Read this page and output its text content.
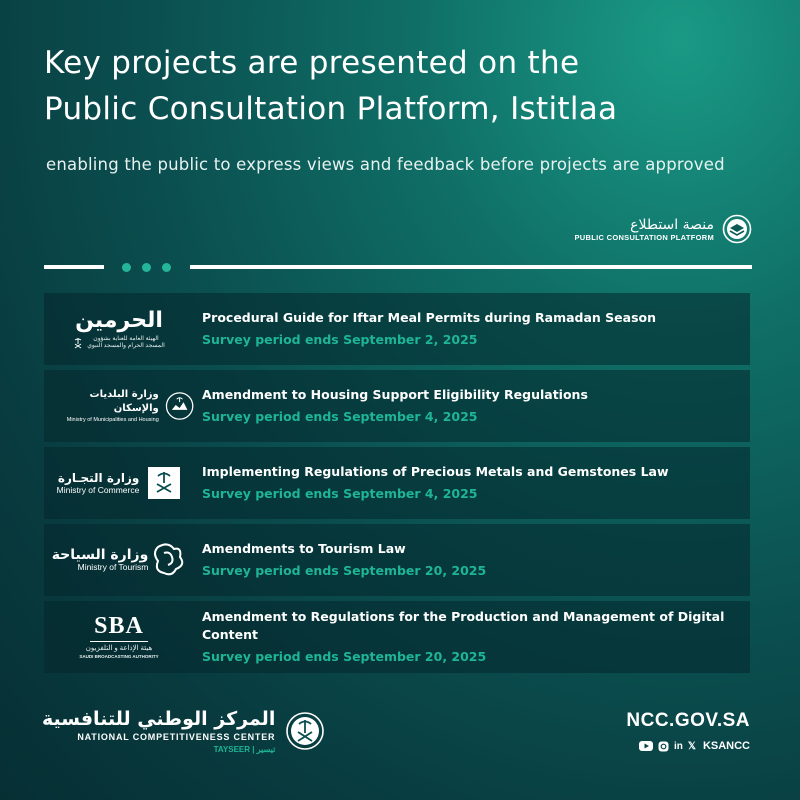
Key projects are presented on the
Public Consultation Platform, Istitlaa
enabling the public to express views and feedback before projects are approved
منصة استطلاع
PUBLIC CONSULTATION PLATFORM
الحرمين
الهيئة العامة للعناية بشؤون
المسجد الحرام والمسجد النبوي
Procedural Guide for Iftar Meal Permits during Ramadan Season
Survey period ends September 2, 2025
وزارة البلديات والإسكان
Ministry of Municipalities and Housing
Amendment to Housing Support Eligibility Regulations
Survey period ends September 4, 2025
وزارة التجـارة
Ministry of Commerce
Implementing Regulations of Precious Metals and Gemstones Law
Survey period ends September 4, 2025
وزارة السياحة
Ministry of Tourism
Amendments to Tourism Law
Survey period ends September 20, 2025
SBA
هيئة الإذاعة و التلفزيون
SAUDI BROADCASTING AUTHORITY
Amendment to Regulations for the Production and Management of Digital Content
Survey period ends September 20, 2025
المركز الوطني للتنافسية
NATIONAL COMPETITIVENESS CENTER
TAYSEER | تيسير
NCC.GOV.SA
in 𝕏 KSANCC
